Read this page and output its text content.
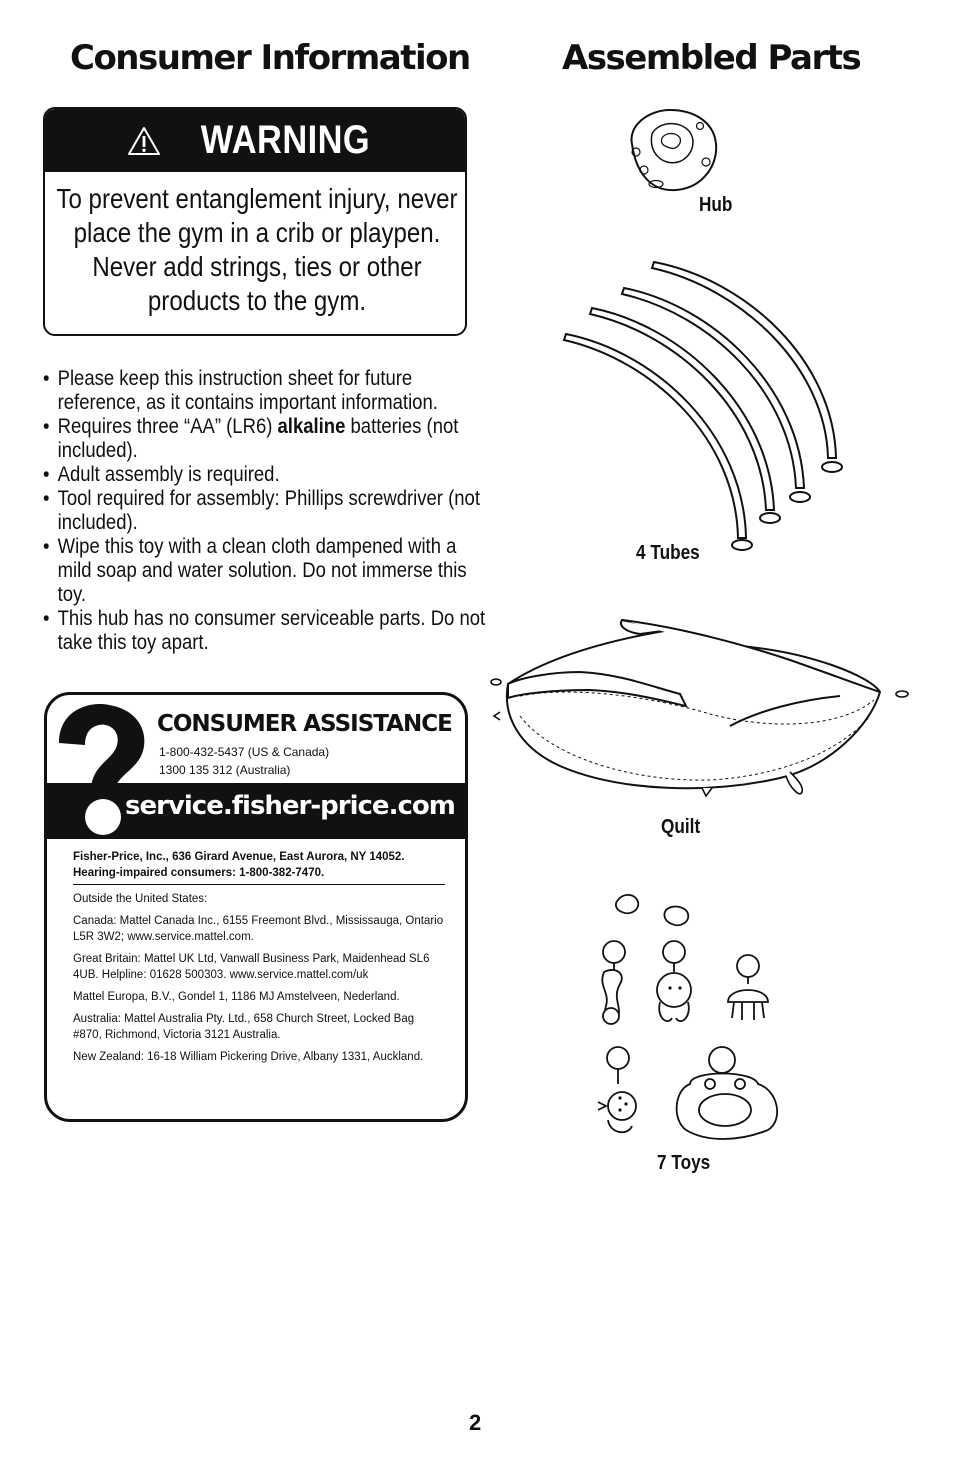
Consumer Information	Assembled Parts
WARNING
To prevent entanglement injury, never place the gym in a crib or playpen. Never add strings, ties or other products to the gym.
• Please keep this instruction sheet for future reference, as it contains important information.
• Requires three “AA” (LR6) alkaline batteries (not included).
• Adult assembly is required.
• Tool required for assembly: Phillips screwdriver (not included).
• Wipe this toy with a clean cloth dampened with a mild soap and water solution. Do not immerse this toy.
• This hub has no consumer serviceable parts. Do not take this toy apart.
CONSUMER ASSISTANCE
1-800-432-5437 (US & Canada)
1300 135 312 (Australia)
service.fisher-price.com
Fisher-Price, Inc., 636 Girard Avenue, East Aurora, NY 14052. Hearing-impaired consumers: 1-800-382-7470.

Outside the United States:

Canada: Mattel Canada Inc., 6155 Freemont Blvd., Mississauga, Ontario L5R 3W2; www.service.mattel.com.

Great Britain: Mattel UK Ltd, Vanwall Business Park, Maidenhead SL6 4UB. Helpline: 01628 500303. www.service.mattel.com/uk

Mattel Europa, B.V., Gondel 1, 1186 MJ Amstelveen, Nederland.

Australia: Mattel Australia Pty. Ltd., 658 Church Street, Locked Bag #870, Richmond, Victoria 3121 Australia.

New Zealand: 16-18 William Pickering Drive, Albany 1331, Auckland.

Hub
4 Tubes
Quilt
7 Toys
2
